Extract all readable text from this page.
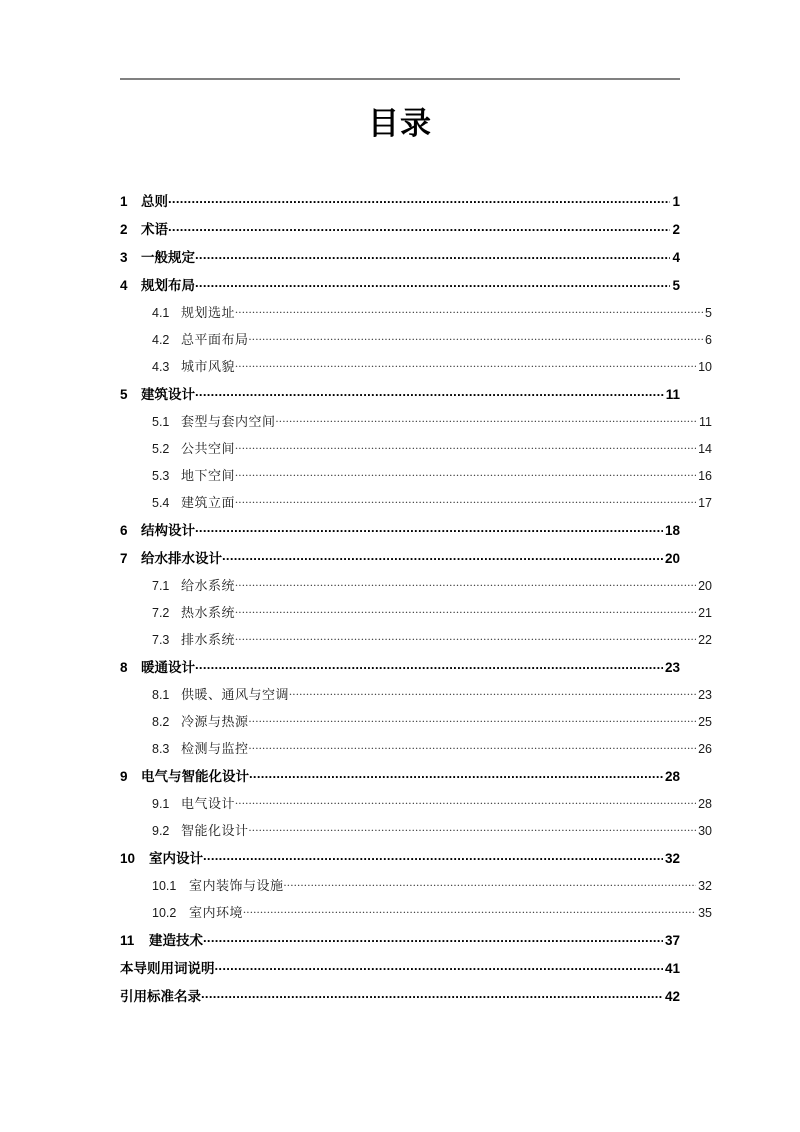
目录
1 总则 .....	1
2 术语 .....	2
3 一般规定 .....	4
4 规划布局 .....	5
4.1 规划选址 .....	5
4.2 总平面布局 .....	6
4.3 城市风貌 .....	10
5 建筑设计 .....	11
5.1 套型与套内空间 .....	11
5.2 公共空间 .....	14
5.3 地下空间 .....	16
5.4 建筑立面 .....	17
6 结构设计 .....	18
7 给水排水设计 .....	20
7.1 给水系统 .....	20
7.2 热水系统 .....	21
7.3 排水系统 .....	22
8 暖通设计 .....	23
8.1 供暖、通风与空调 .....	23
8.2 冷源与热源 .....	25
8.3 检测与监控 .....	26
9 电气与智能化设计 .....	28
9.1 电气设计 .....	28
9.2 智能化设计 .....	30
10	室内设计 .....	32
10.1 室内装饰与设施 .....	32
10.2 室内环境 .....	35
11	建造技术 .....	37
本导则用词说明 .....	41
引用标准名录 .....	42
